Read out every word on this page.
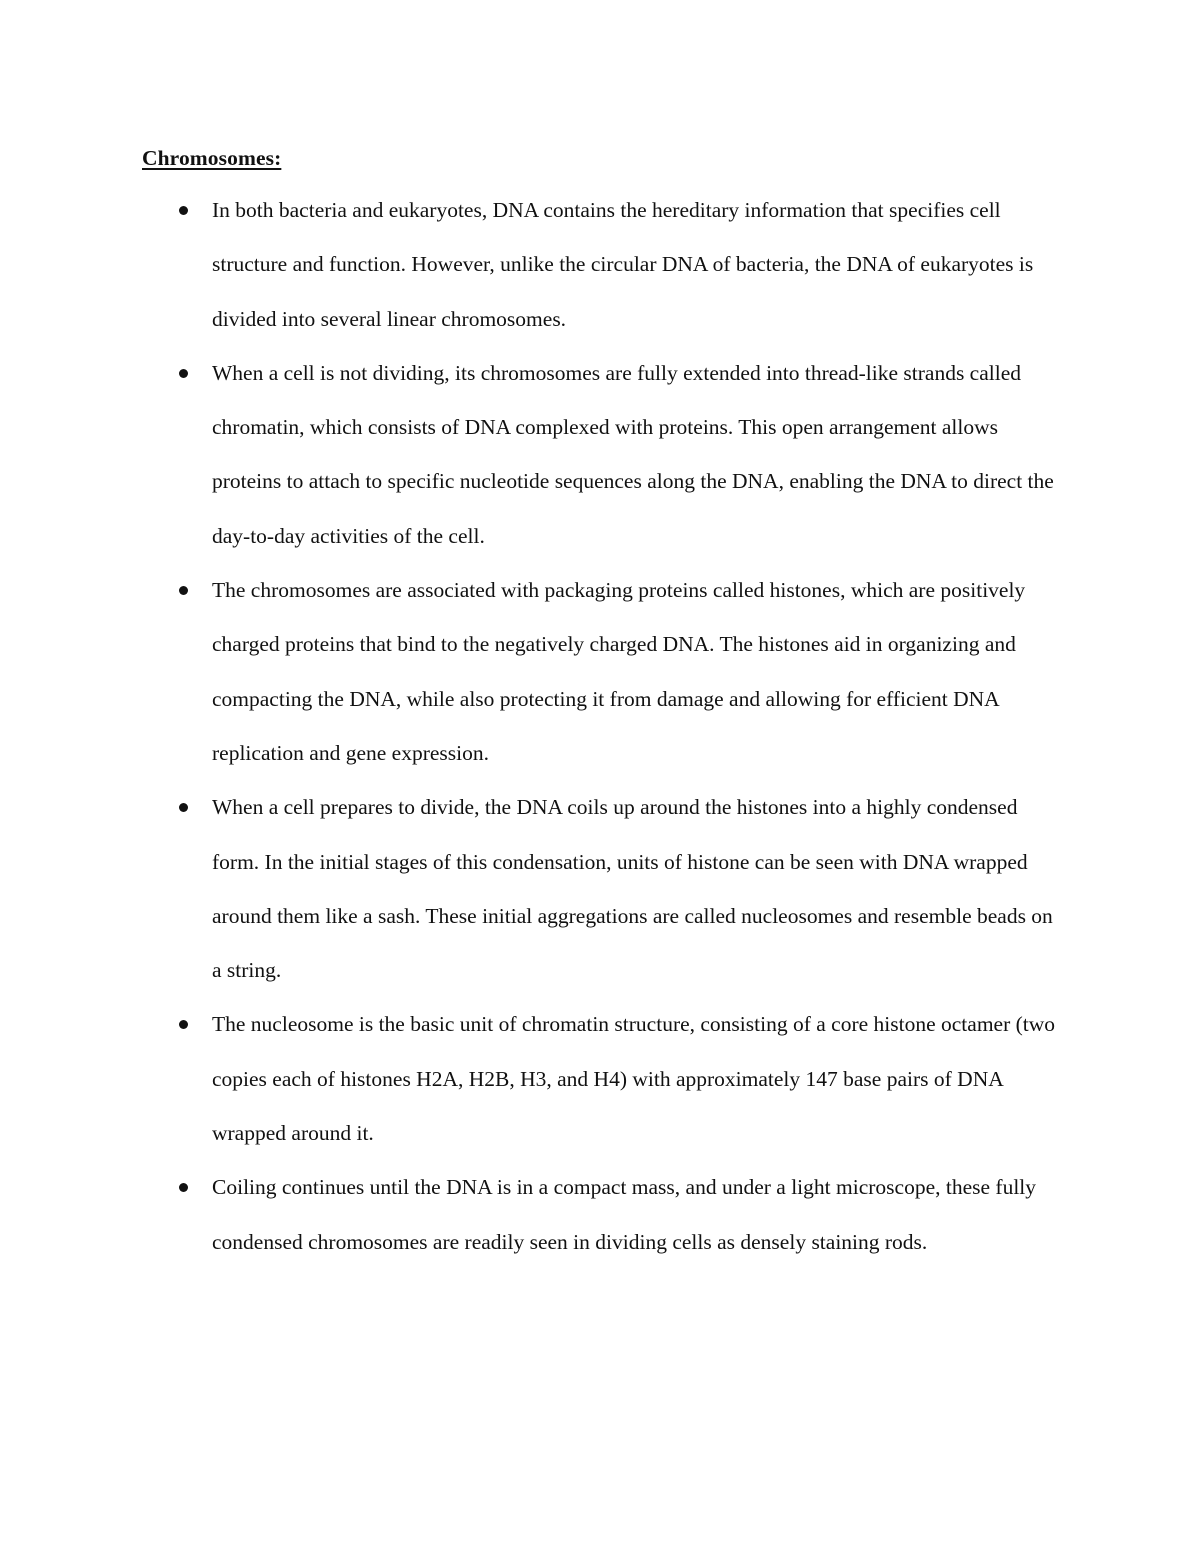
Chromosomes:
In both bacteria and eukaryotes, DNA contains the hereditary information that specifies cell structure and function. However, unlike the circular DNA of bacteria, the DNA of eukaryotes is divided into several linear chromosomes.
When a cell is not dividing, its chromosomes are fully extended into thread-like strands called chromatin, which consists of DNA complexed with proteins. This open arrangement allows proteins to attach to specific nucleotide sequences along the DNA, enabling the DNA to direct the day-to-day activities of the cell.
The chromosomes are associated with packaging proteins called histones, which are positively charged proteins that bind to the negatively charged DNA. The histones aid in organizing and compacting the DNA, while also protecting it from damage and allowing for efficient DNA replication and gene expression.
When a cell prepares to divide, the DNA coils up around the histones into a highly condensed form. In the initial stages of this condensation, units of histone can be seen with DNA wrapped around them like a sash. These initial aggregations are called nucleosomes and resemble beads on a string.
The nucleosome is the basic unit of chromatin structure, consisting of a core histone octamer (two copies each of histones H2A, H2B, H3, and H4) with approximately 147 base pairs of DNA wrapped around it.
Coiling continues until the DNA is in a compact mass, and under a light microscope, these fully condensed chromosomes are readily seen in dividing cells as densely staining rods.
